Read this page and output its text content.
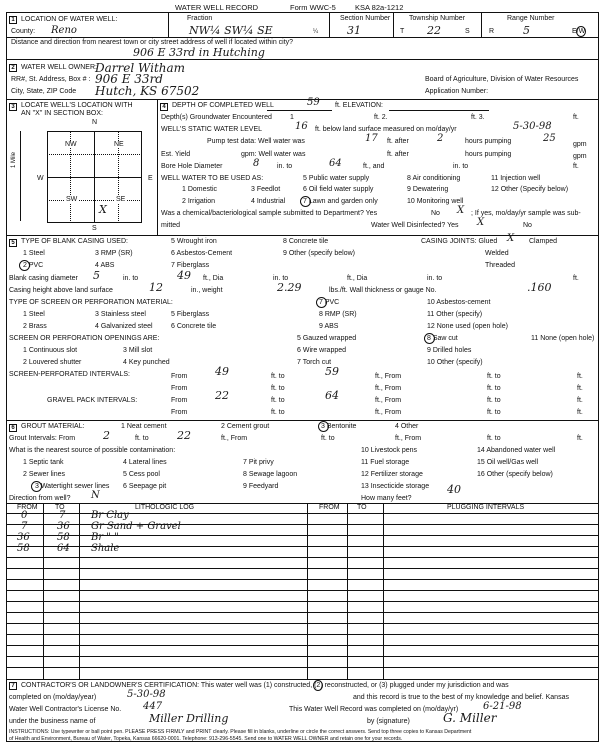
WATER WELL RECORD	Form WWC-5	KSA 82a-1212
1 LOCATION OF WATER WELL:
County: Reno
Fraction
NW¼ SW¼ SE	¼
Section Number
31
Township Number
T 22	S
Range Number
R	5	E/W
Distance and direction from nearest town or city street address of well if located within city?
906 E 33rd in Hutching
2 WATER WELL OWNER:
Darrel Witham
RR#, St. Address, Box # : 906 E 33rd
City, State, ZIP Code Hutch, KS 67502
Board of Agriculture, Division of Water Resources
Application Number:
3 LOCATE WELL'S LOCATION WITH
AN "X" IN SECTION BOX:
N
S
W	E
1 Mile
NW	NE
SW	SE
X
4 DEPTH OF COMPLETED WELL	59 ft. ELEVATION:
Depth(s) Groundwater Encountered	1	ft. 2.	ft. 3.	ft.
WELL'S STATIC WATER LEVEL	16 ft. below land surface measured on mo/day/yr	5-30-98
Pump test data: Well water was	17 ft. after	2	hours pumping	25
gpm
Est. Yield	gpm: Well water was	ft. after	hours pumping	gpm
Bore Hole Diameter	8	in. to	64	ft., and	in. to	ft.
WELL WATER TO BE USED AS:
1 Domestic
2 Irrigation
3 Feedlot
4 Industrial
5 Public water supply
6 Oil field water supply
7 Lawn and garden only
8 Air conditioning
9 Dewatering
10 Monitoring well
11 Injection well
12 Other (Specify below)
Was a chemical/bacteriological sample submitted to Department? Yes	No X ; If yes, mo/day/yr sample was sub-
mitted	Water Well Disinfected? Yes X	No
5 TYPE OF BLANK CASING USED:
1 Steel
2 PVC
3 RMP (SR)
4 ABS
5 Wrought iron
6 Asbestos-Cement
7 Fiberglass
8 Concrete tile
9 Other (specify below)
CASING JOINTS: Glued X Clamped
Welded
Threaded
Blank casing diameter 5	in. to	49 ft., Dia	in. to	ft., Dia	in. to	ft.
Casing height above land surface	12	in., weight	2.29	lbs./ft. Wall thickness or gauge No.	.160
TYPE OF SCREEN OR PERFORATION MATERIAL:
1 Steel
2 Brass
3 Stainless steel
4 Galvanized steel
5 Fiberglass
6 Concrete tile
7 PVC
8 RMP (SR)
9 ABS
10 Asbestos-cement
11 Other (specify)
12 None used (open hole)
SCREEN OR PERFORATION OPENINGS ARE:
1 Continuous slot
2 Louvered shutter
3 Mill slot
4 Key punched
5 Gauzed wrapped
6 Wire wrapped
7 Torch cut
8 Saw cut
9 Drilled holes
10 Other (specify)
11 None (open hole)
SCREEN-PERFORATED INTERVALS:	From	49	ft. to	59	ft., From	ft. to	ft.
From	ft. to	ft., From	ft. to	ft.
GRAVEL PACK INTERVALS:	From	22	ft. to	64	ft., From	ft. to	ft.
From	ft. to	ft., From	ft. to	ft.
6 GROUT MATERIAL:	1 Neat cement	2 Cement grout	3 Bentonite	4 Other
Grout Intervals: From	2	ft. to	22	ft., From	ft. to	ft., From	ft. to	ft.
What is the nearest source of possible contamination:
1 Septic tank
2 Sewer lines
3 Watertight sewer lines
4 Lateral lines
5 Cess pool
6 Seepage pit
7 Pit privy
8 Sewage lagoon
9 Feedyard
10 Livestock pens
11 Fuel storage
12 Fertilizer storage
13 Insecticide storage
14 Abandoned water well
15 Oil well/Gas well
16 Other (specify below)
Direction from well? N	How many feet?
40
FROM TO	LITHOLOGIC LOG	FROM TO	PLUGGING INTERVALS
0	7	Br Clay
7	36 Gr Sand + Gravel
36	58 Br " "
58	64 Shale
7 CONTRACTOR'S OR LANDOWNER'S CERTIFICATION: This water well was (1) constructed, (2) reconstructed, or (3) plugged under my jurisdiction and was
completed on (mo/day/year)	5-30-98	and this record is true to the best of my knowledge and belief. Kansas
Water Well Contractor's License No. 447	This Water Well Record was completed on (mo/day/yr) 6-21-98
under the business name of	Miller Drilling	by (signature)	G. Miller
INSTRUCTIONS: Use typewriter or ball point pen. PLEASE PRESS FIRMLY and PRINT clearly. Please fill in blanks, underline or circle the correct answers. Send top three copies to Kansas Department
of Health and Environment, Bureau of Water, Topeka, Kansas 66620-0001. Telephone: 913-296-5545. Send one to WATER WELL OWNER and retain one for your records.
